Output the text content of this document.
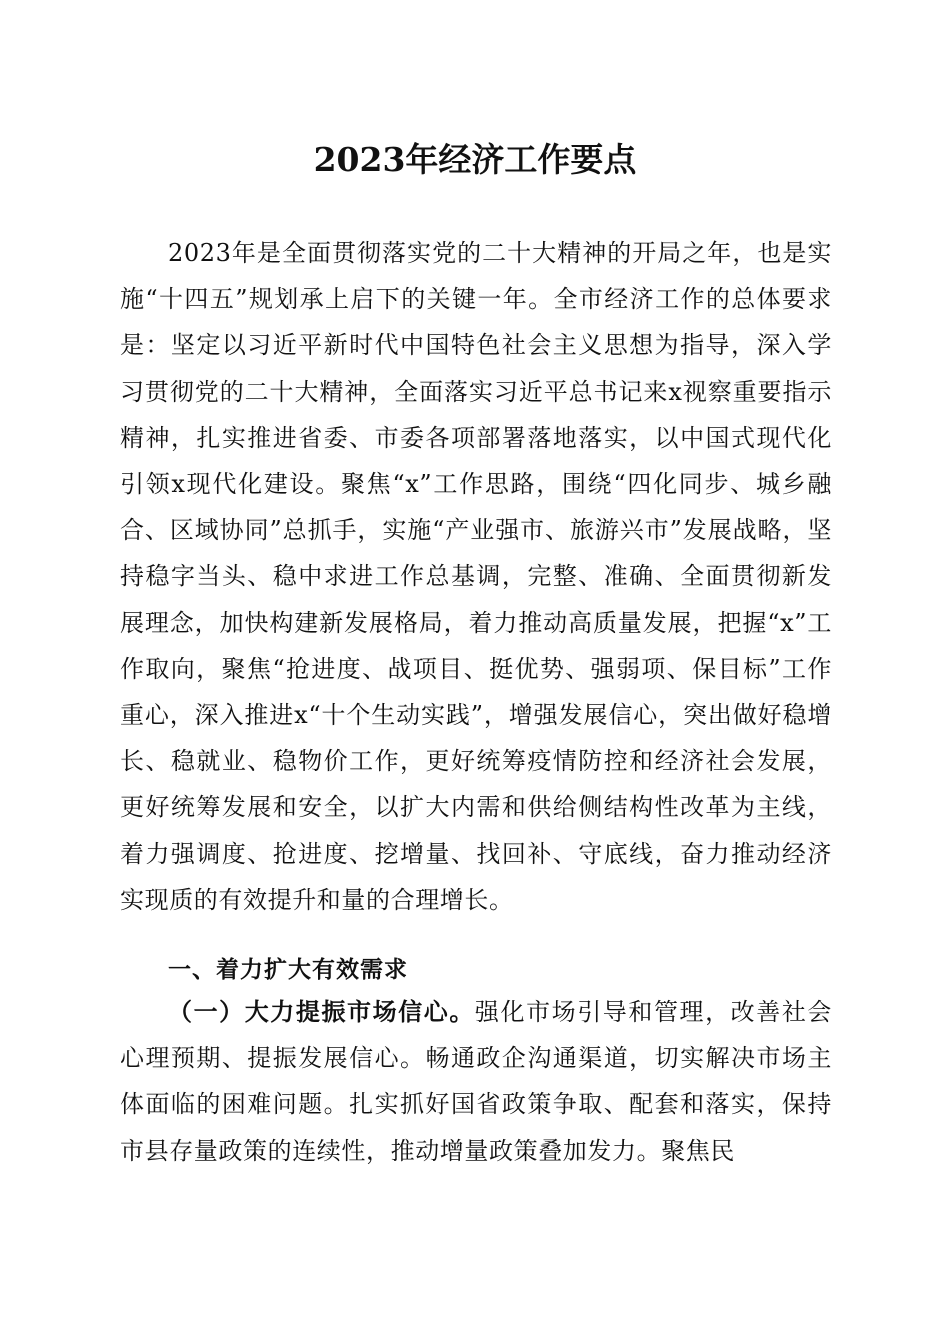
2023年经济工作要点

2023年是全面贯彻落实党的二十大精神的开局之年，也是实施“十四五”规划承上启下的关键一年。全市经济工作的总体要求是：坚定以习近平新时代中国特色社会主义思想为指导，深入学习贯彻党的二十大精神，全面落实习近平总书记来x视察重要指示精神，扎实推进省委、市委各项部署落地落实，以中国式现代化引领x现代化建设。聚焦“x”工作思路，围绕“四化同步、城乡融合、区域协同”总抓手，实施“产业强市、旅游兴市”发展战略，坚持稳字当头、稳中求进工作总基调，完整、准确、全面贯彻新发展理念，加快构建新发展格局，着力推动高质量发展，把握“x”工作取向，聚焦“抢进度、战项目、挺优势、强弱项、保目标”工作重心，深入推进x“十个生动实践”，增强发展信心，突出做好稳增长、稳就业、稳物价工作，更好统筹疫情防控和经济社会发展，更好统筹发展和安全，以扩大内需和供给侧结构性改革为主线，着力强调度、抢进度、挖增量、找回补、守底线，奋力推动经济实现质的有效提升和量的合理增长。

一、着力扩大有效需求

（一）大力提振市场信心。强化市场引导和管理，改善社会心理预期、提振发展信心。畅通政企沟通渠道，切实解决市场主体面临的困难问题。扎实抓好国省政策争取、配套和落实，保持市县存量政策的连续性，推动增量政策叠加发力。聚焦民
